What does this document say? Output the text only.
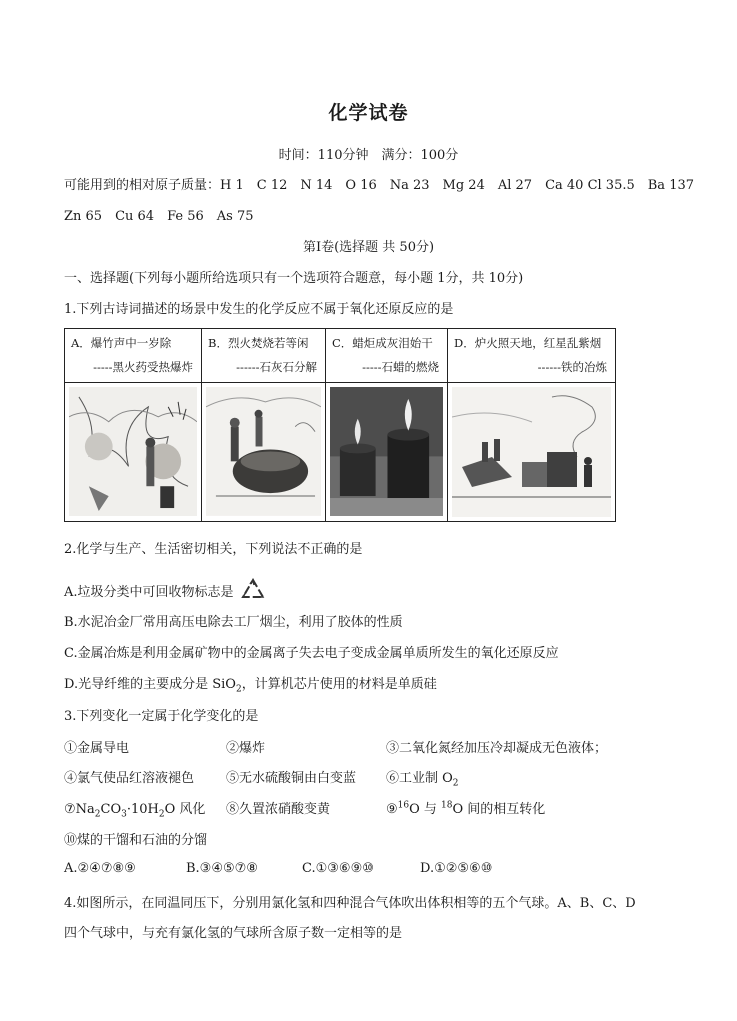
化学试卷
时间：110分钟　满分：100分
可能用到的相对原子质量：H 1　C 12　N 14　O 16　Na 23　Mg 24　Al 27　Ca 40 Cl 35.5　Ba 137
Zn 65　Cu 64　Fe 56　As 75
第Ⅰ卷(选择题 共 50分)
一、选择题(下列每小题所给选项只有一个选项符合题意，每小题 1分，共 10分)
1.下列古诗词描述的场景中发生的化学反应不属于氧化还原反应的是
A．爆竹声中一岁除
-----黑火药受热爆炸
B．烈火焚烧若等闲
------石灰石分解
C．蜡炬成灰泪始干
-----石蜡的燃烧
D．炉火照天地，红星乱紫烟
------铁的冶炼
2.化学与生产、生活密切相关，下列说法不正确的是
A.垃圾分类中可回收物标志是
B.水泥冶金厂常用高压电除去工厂烟尘，利用了胶体的性质
C.金属冶炼是利用金属矿物中的金属离子失去电子变成金属单质所发生的氧化还原反应
D.光导纤维的主要成分是 SiO$_2$，计算机芯片使用的材料是单质硅
3.下列变化一定属于化学变化的是
①金属导电	②爆炸	③二氧化氮经加压冷却凝成无色液体；
④氯气使品红溶液褪色 ⑤无水硫酸铜由白变蓝 ⑥工业制 $O_2$
$⑦Na_2CO_3\cdot 10H_2O$ 风化 ⑧久置浓硝酸变黄	⑨$^{16}$O 与 $^{18}$O 间的相互转化
⑩煤的干馏和石油的分馏
A.②④⑦⑧⑨	B.③④⑤⑦⑧	C.①③⑥⑨⑩	D.①②⑤⑥⑩
4.如图所示，在同温同压下，分别用氯化氢和四种混合气体吹出体积相等的五个气球。A、B、C、D
四个气球中，与充有氯化氢的气球所含原子数一定相等的是
